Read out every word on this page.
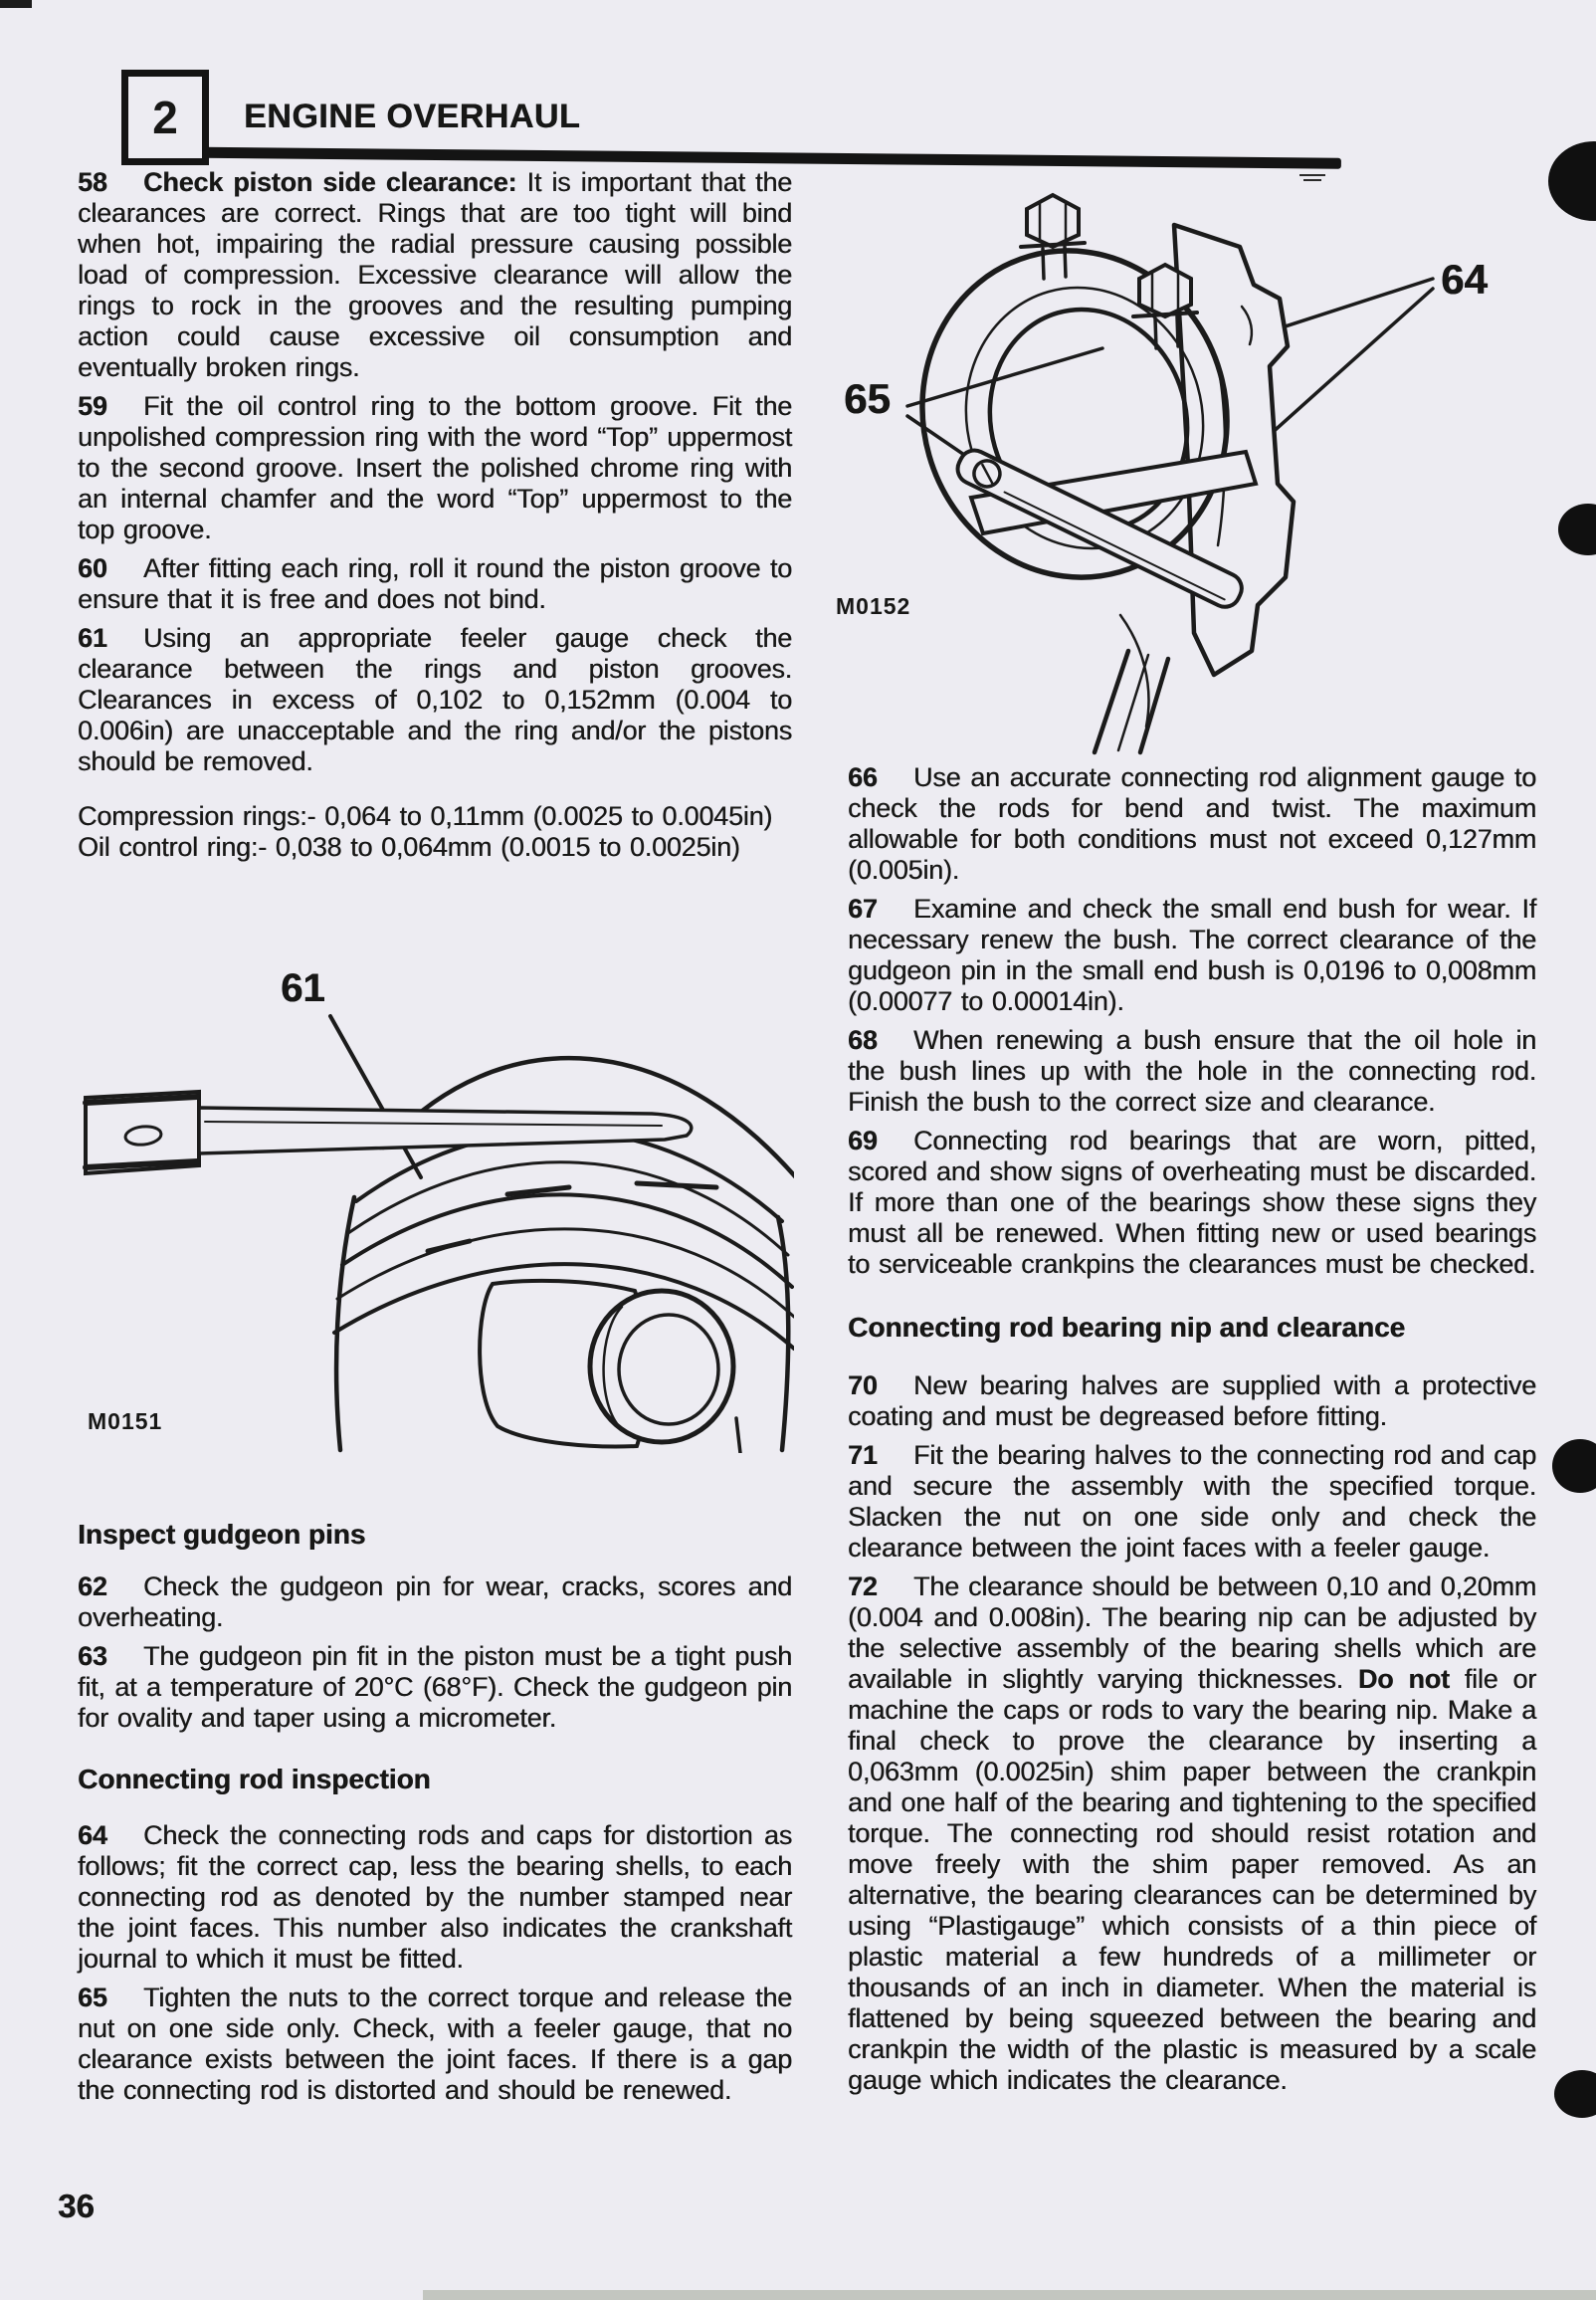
2 ENGINE OVERHAUL

58 Check piston side clearance: It is important that the clearances are correct. Rings that are too tight will bind when hot, impairing the radial pressure causing possible load of compression. Excessive clearance will allow the rings to rock in the grooves and the resulting pumping action could cause excessive oil consumption and eventually broken rings.

59 Fit the oil control ring to the bottom groove. Fit the unpolished compression ring with the word “Top” uppermost to the second groove. Insert the polished chrome ring with an internal chamfer and the word “Top” uppermost to the top groove.

60 After fitting each ring, roll it round the piston groove to ensure that it is free and does not bind.

61 Using an appropriate feeler gauge check the clearance between the rings and piston grooves. Clearances in excess of 0,102 to 0,152mm (0.004 to 0.006in) are unacceptable and the ring and/or the pistons should be removed.

Compression rings:- 0,064 to 0,11mm (0.0025 to 0.0045in)

Oil control ring:- 0,038 to 0,064mm (0.0015 to 0.0025in)

61
M0151
Inspect gudgeon pins

62 Check the gudgeon pin for wear, cracks, scores and overheating.

63 The gudgeon pin fit in the piston must be a tight push fit, at a temperature of 20°C (68°F). Check the gudgeon pin for ovality and taper using a micrometer.

Connecting rod inspection

64 Check the connecting rods and caps for distortion as follows; fit the correct cap, less the bearing shells, to each connecting rod as denoted by the number stamped near the joint faces. This number also indicates the crankshaft journal to which it must be fitted.

65 Tighten the nuts to the correct torque and release the nut on one side only. Check, with a feeler gauge, that no clearance exists between the joint faces. If there is a gap the connecting rod is distorted and should be renewed.

65
64
M0152

66 Use an accurate connecting rod alignment gauge to check the rods for bend and twist. The maximum allowable for both conditions must not exceed 0,127mm (0.005in).

67 Examine and check the small end bush for wear. If necessary renew the bush. The correct clearance of the gudgeon pin in the small end bush is 0,0196 to 0,008mm (0.00077 to 0.00014in).

68 When renewing a bush ensure that the oil hole in the bush lines up with the hole in the connecting rod. Finish the bush to the correct size and clearance.

69 Connecting rod bearings that are worn, pitted, scored and show signs of overheating must be discarded. If more than one of the bearings show these signs they must all be renewed. When fitting new or used bearings to serviceable crankpins the clearances must be checked.

Connecting rod bearing nip and clearance

70 New bearing halves are supplied with a protective coating and must be degreased before fitting.

71 Fit the bearing halves to the connecting rod and cap and secure the assembly with the specified torque. Slacken the nut on one side only and check the clearance between the joint faces with a feeler gauge.

72 The clearance should be between 0,10 and 0,20mm (0.004 and 0.008in). The bearing nip can be adjusted by the selective assembly of the bearing shells which are available in slightly varying thicknesses. Do not file or machine the caps or rods to vary the bearing nip. Make a final check to prove the clearance by inserting a 0,063mm (0.0025in) shim paper between the crankpin and one half of the bearing and tightening to the specified torque. The connecting rod should resist rotation and move freely with the shim paper removed. As an alternative, the bearing clearances can be determined by using “Plastigauge” which consists of a thin piece of plastic material a few hundreds of a millimeter or thousands of an inch in diameter. When the material is flattened by being squeezed between the bearing and crankpin the width of the plastic is measured by a scale gauge which indicates the clearance.

36
